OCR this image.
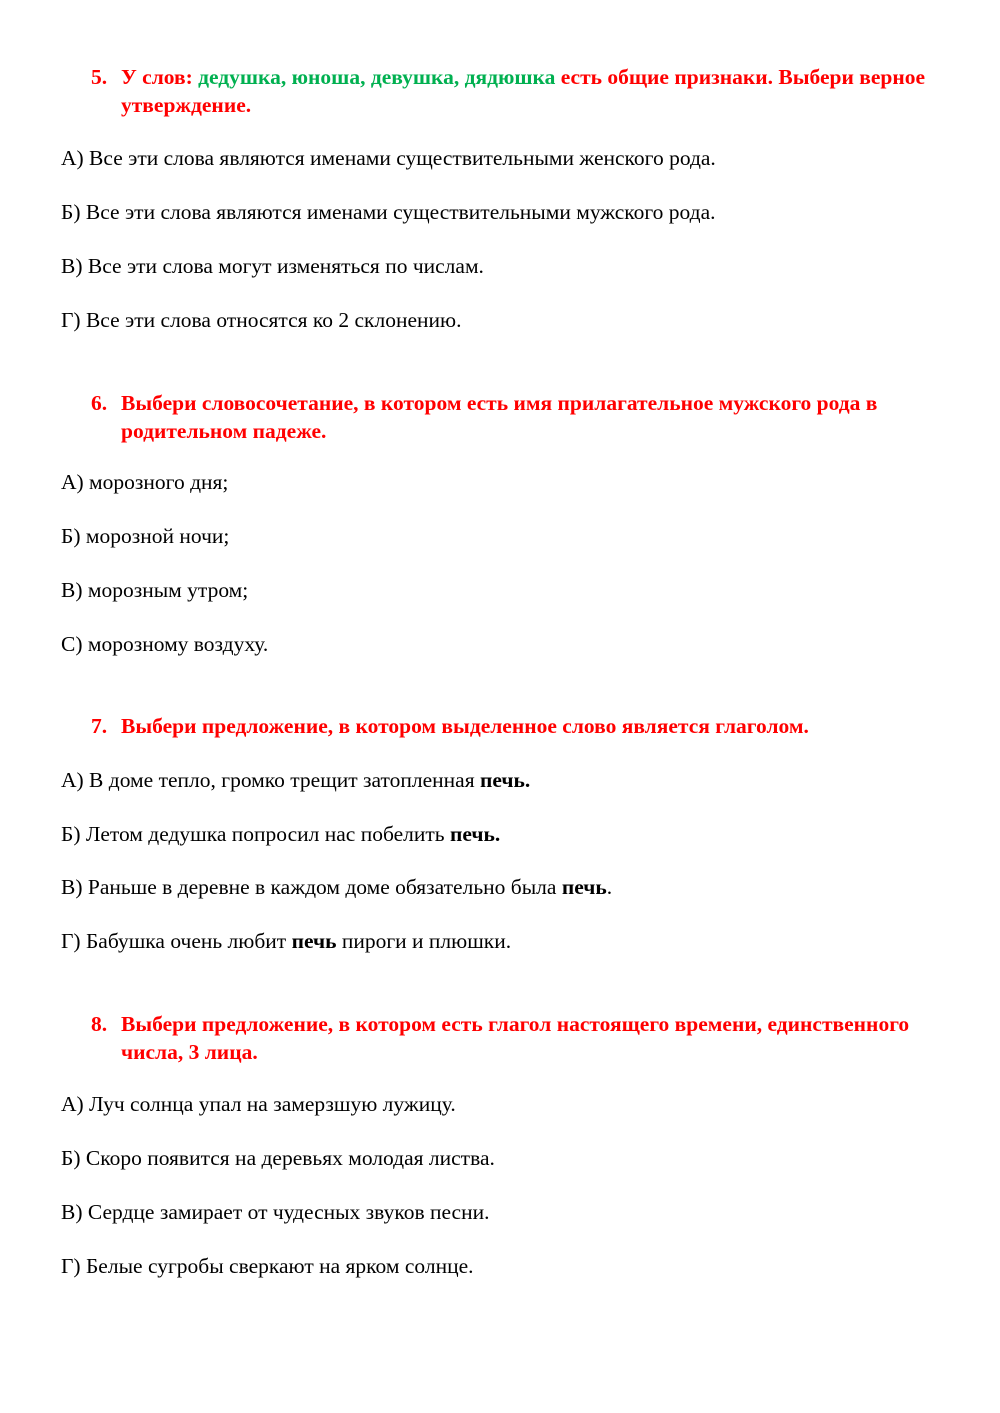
5. У слов: дедушка, юноша, девушка, дядюшка есть общие признаки. Выбери верное утверждение.
А) Все эти слова являются именами существительными женского рода.
Б) Все эти слова являются именами существительными мужского рода.
В) Все эти слова могут изменяться по числам.
Г) Все эти слова относятся ко 2 склонению.
6. Выбери словосочетание, в котором есть имя прилагательное мужского рода в родительном падеже.
А) морозного дня;
Б) морозной ночи;
В) морозным утром;
С) морозному воздуху.
7. Выбери предложение, в котором выделенное слово является глаголом.
А) В доме тепло, громко трещит затопленная печь.
Б) Летом дедушка попросил нас побелить печь.
В) Раньше в деревне в каждом доме обязательно была печь.
Г) Бабушка очень любит печь пироги и плюшки.
8. Выбери предложение, в котором есть глагол настоящего времени, единственного числа, 3 лица.
А) Луч солнца упал на замерзшую лужицу.
Б) Скоро появится на деревьях молодая листва.
В) Сердце замирает от чудесных звуков песни.
Г) Белые сугробы сверкают на ярком солнце.
